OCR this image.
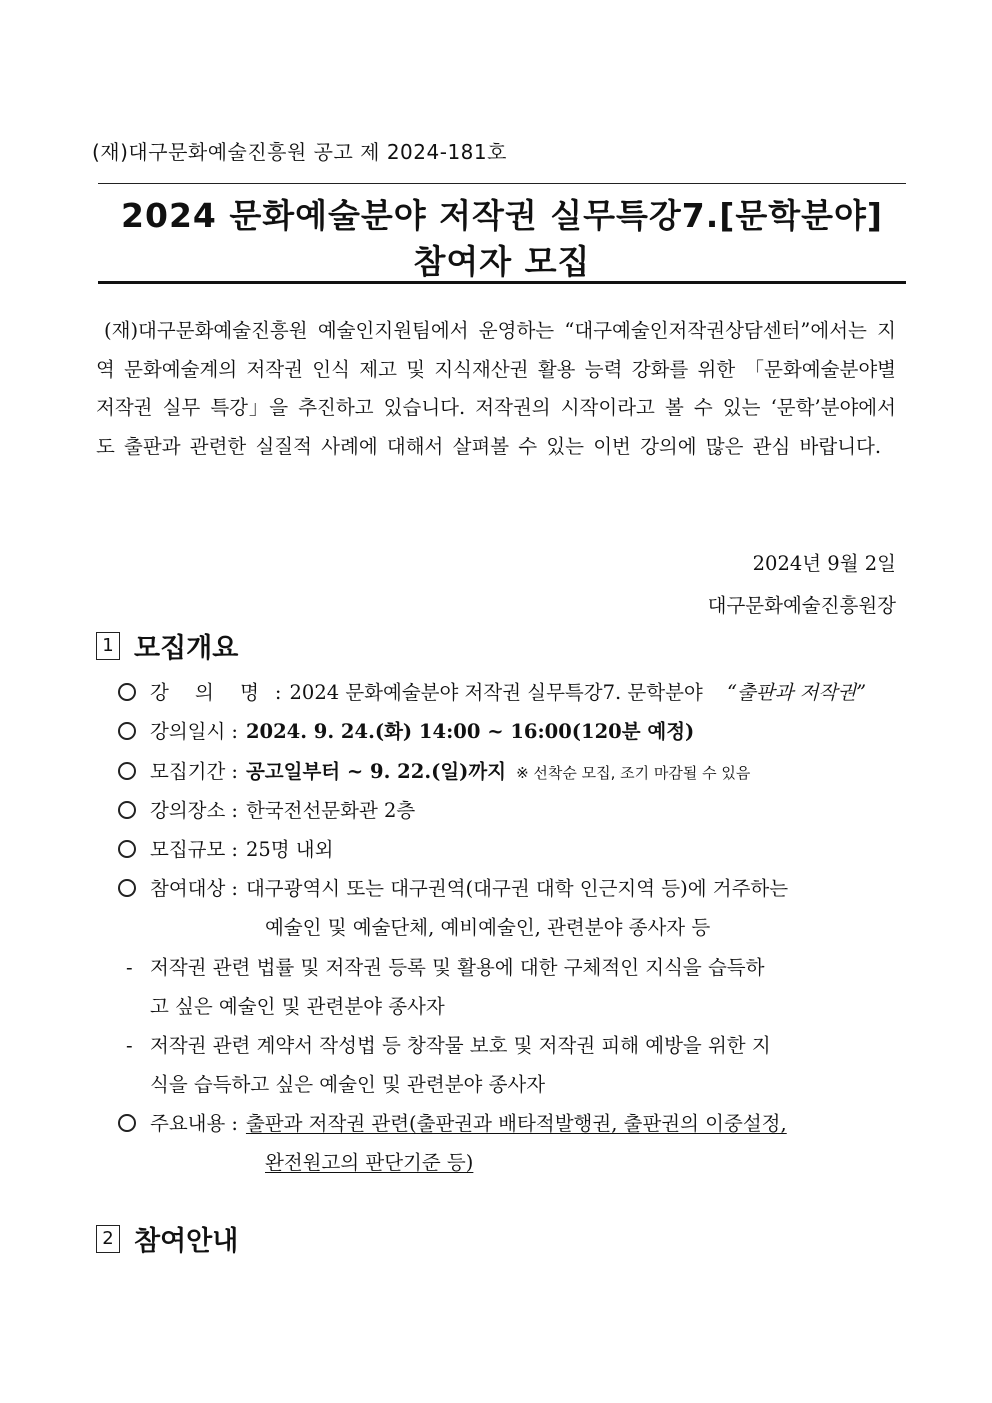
(재)대구문화예술진흥원 공고 제 2024-181호
2024 문화예술분야 저작권 실무특강7.[문학분야]
참여자 모집
(재)대구문화예술진흥원 예술인지원팀에서 운영하는 “대구예술인저작권상담센터”에서는 지역 문화예술계의 저작권 인식 제고 및 지식재산권 활용 능력 강화를 위한 「문화예술분야별 저작권 실무 특강」을 추진하고 있습니다. 저작권의 시작이라고 볼 수 있는 ‘문학’분야에서도 출판과 관련한 실질적 사례에 대해서 살펴볼 수 있는 이번 강의에 많은 관심 바랍니다.
2024년 9월 2일
대구문화예술진흥원장
1 모집개요
강 의 명 : 2024 문화예술분야 저작권 실무특강7. 문학분야 “출판과 저작권”
강의일시 : 2024. 9. 24.(화) 14:00 ~ 16:00(120분 예정)
모집기간 : 공고일부터 ~ 9. 22.(일)까지 ※ 선착순 모집, 조기 마감될 수 있음
강의장소 : 한국전선문화관 2층
모집규모 : 25명 내외
참여대상 : 대구광역시 또는 대구권역(대구권 대학 인근지역 등)에 거주하는
예술인 및 예술단체, 예비예술인, 관련분야 종사자 등
- 저작권 관련 법률 및 저작권 등록 및 활용에 대한 구체적인 지식을 습득하
고 싶은 예술인 및 관련분야 종사자
- 저작권 관련 계약서 작성법 등 창작물 보호 및 저작권 피해 예방을 위한 지
식을 습득하고 싶은 예술인 및 관련분야 종사자
주요내용 : 출판과 저작권 관련(출판권과 배타적발행권, 출판권의 이중설정,
완전원고의 판단기준 등)
2 참여안내
